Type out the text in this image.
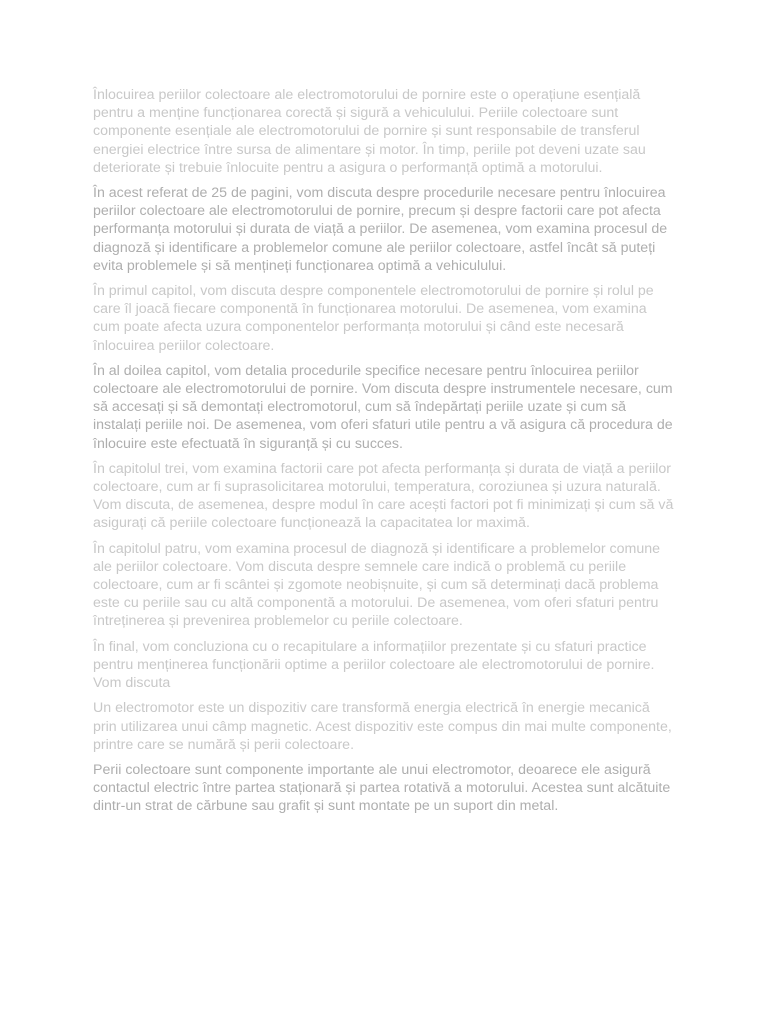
Înlocuirea periilor colectoare ale electromotorului de pornire este o operațiune esențială pentru a menține funcționarea corectă și sigură a vehiculului. Periile colectoare sunt componente esențiale ale electromotorului de pornire și sunt responsabile de transferul energiei electrice între sursa de alimentare și motor. În timp, periile pot deveni uzate sau deteriorate și trebuie înlocuite pentru a asigura o performanță optimă a motorului.

În acest referat de 25 de pagini, vom discuta despre procedurile necesare pentru înlocuirea periilor colectoare ale electromotorului de pornire, precum și despre factorii care pot afecta performanța motorului și durata de viață a periilor. De asemenea, vom examina procesul de diagnoză și identificare a problemelor comune ale periilor colectoare, astfel încât să puteți evita problemele și să mențineți funcționarea optimă a vehiculului.

În primul capitol, vom discuta despre componentele electromotorului de pornire și rolul pe care îl joacă fiecare componentă în funcționarea motorului. De asemenea, vom examina cum poate afecta uzura componentelor performanța motorului și când este necesară înlocuirea periilor colectoare.

În al doilea capitol, vom detalia procedurile specifice necesare pentru înlocuirea periilor colectoare ale electromotorului de pornire. Vom discuta despre instrumentele necesare, cum să accesați și să demontați electromotorul, cum să îndepărtați periile uzate și cum să instalați periile noi. De asemenea, vom oferi sfaturi utile pentru a vă asigura că procedura de înlocuire este efectuată în siguranță și cu succes.

În capitolul trei, vom examina factorii care pot afecta performanța și durata de viață a periilor colectoare, cum ar fi suprasolicitarea motorului, temperatura, coroziunea și uzura naturală. Vom discuta, de asemenea, despre modul în care acești factori pot fi minimizați și cum să vă asigurați că periile colectoare funcționează la capacitatea lor maximă.

În capitolul patru, vom examina procesul de diagnoză și identificare a problemelor comune ale periilor colectoare. Vom discuta despre semnele care indică o problemă cu periile colectoare, cum ar fi scântei și zgomote neobișnuite, și cum să determinați dacă problema este cu periile sau cu altă componentă a motorului. De asemenea, vom oferi sfaturi pentru întreținerea și prevenirea problemelor cu periile colectoare.

În final, vom concluziona cu o recapitulare a informațiilor prezentate și cu sfaturi practice pentru menținerea funcționării optime a periilor colectoare ale electromotorului de pornire. Vom discuta

Un electromotor este un dispozitiv care transformă energia electrică în energie mecanică prin utilizarea unui câmp magnetic. Acest dispozitiv este compus din mai multe componente, printre care se numără și perii colectoare.

Perii colectoare sunt componente importante ale unui electromotor, deoarece ele asigură contactul electric între partea staționară și partea rotativă a motorului. Acestea sunt alcătuite dintr-un strat de cărbune sau grafit și sunt montate pe un suport din metal.
